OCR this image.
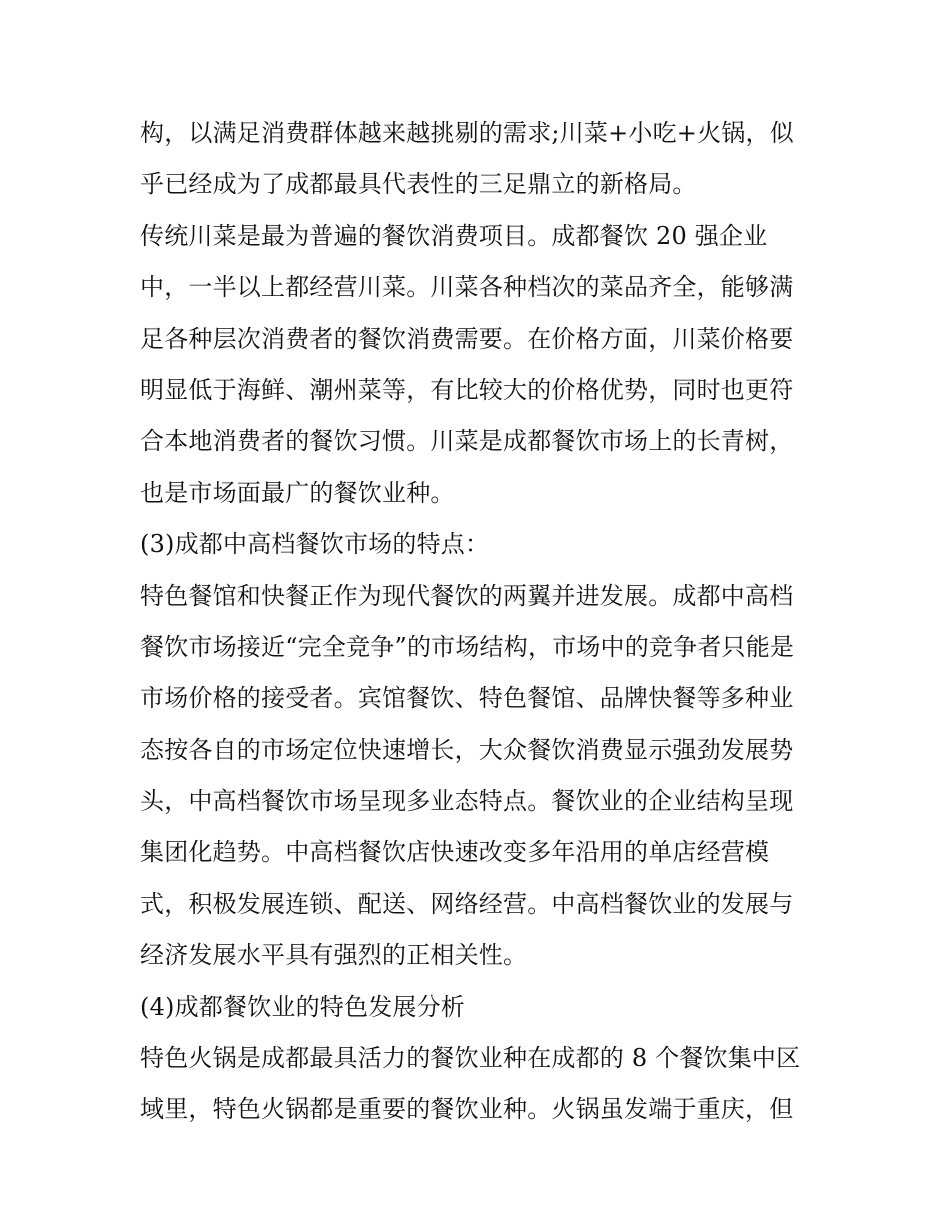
构，以满足消费群体越来越挑剔的需求;川菜+小吃+火锅，似
乎已经成为了成都最具代表性的三足鼎立的新格局。
传统川菜是最为普遍的餐饮消费项目。成都餐饮 20 强企业
中，一半以上都经营川菜。川菜各种档次的菜品齐全，能够满
足各种层次消费者的餐饮消费需要。在价格方面，川菜价格要
明显低于海鲜、潮州菜等，有比较大的价格优势，同时也更符
合本地消费者的餐饮习惯。川菜是成都餐饮市场上的长青树，
也是市场面最广的餐饮业种。
(3)成都中高档餐饮市场的特点：
特色餐馆和快餐正作为现代餐饮的两翼并进发展。成都中高档
餐饮市场接近“完全竞争”的市场结构，市场中的竞争者只能是
市场价格的接受者。宾馆餐饮、特色餐馆、品牌快餐等多种业
态按各自的市场定位快速增长，大众餐饮消费显示强劲发展势
头，中高档餐饮市场呈现多业态特点。餐饮业的企业结构呈现
集团化趋势。中高档餐饮店快速改变多年沿用的单店经营模
式，积极发展连锁、配送、网络经营。中高档餐饮业的发展与
经济发展水平具有强烈的正相关性。
(4)成都餐饮业的特色发展分析
特色火锅是成都最具活力的餐饮业种在成都的 8 个餐饮集中区
域里，特色火锅都是重要的餐饮业种。火锅虽发端于重庆，但
